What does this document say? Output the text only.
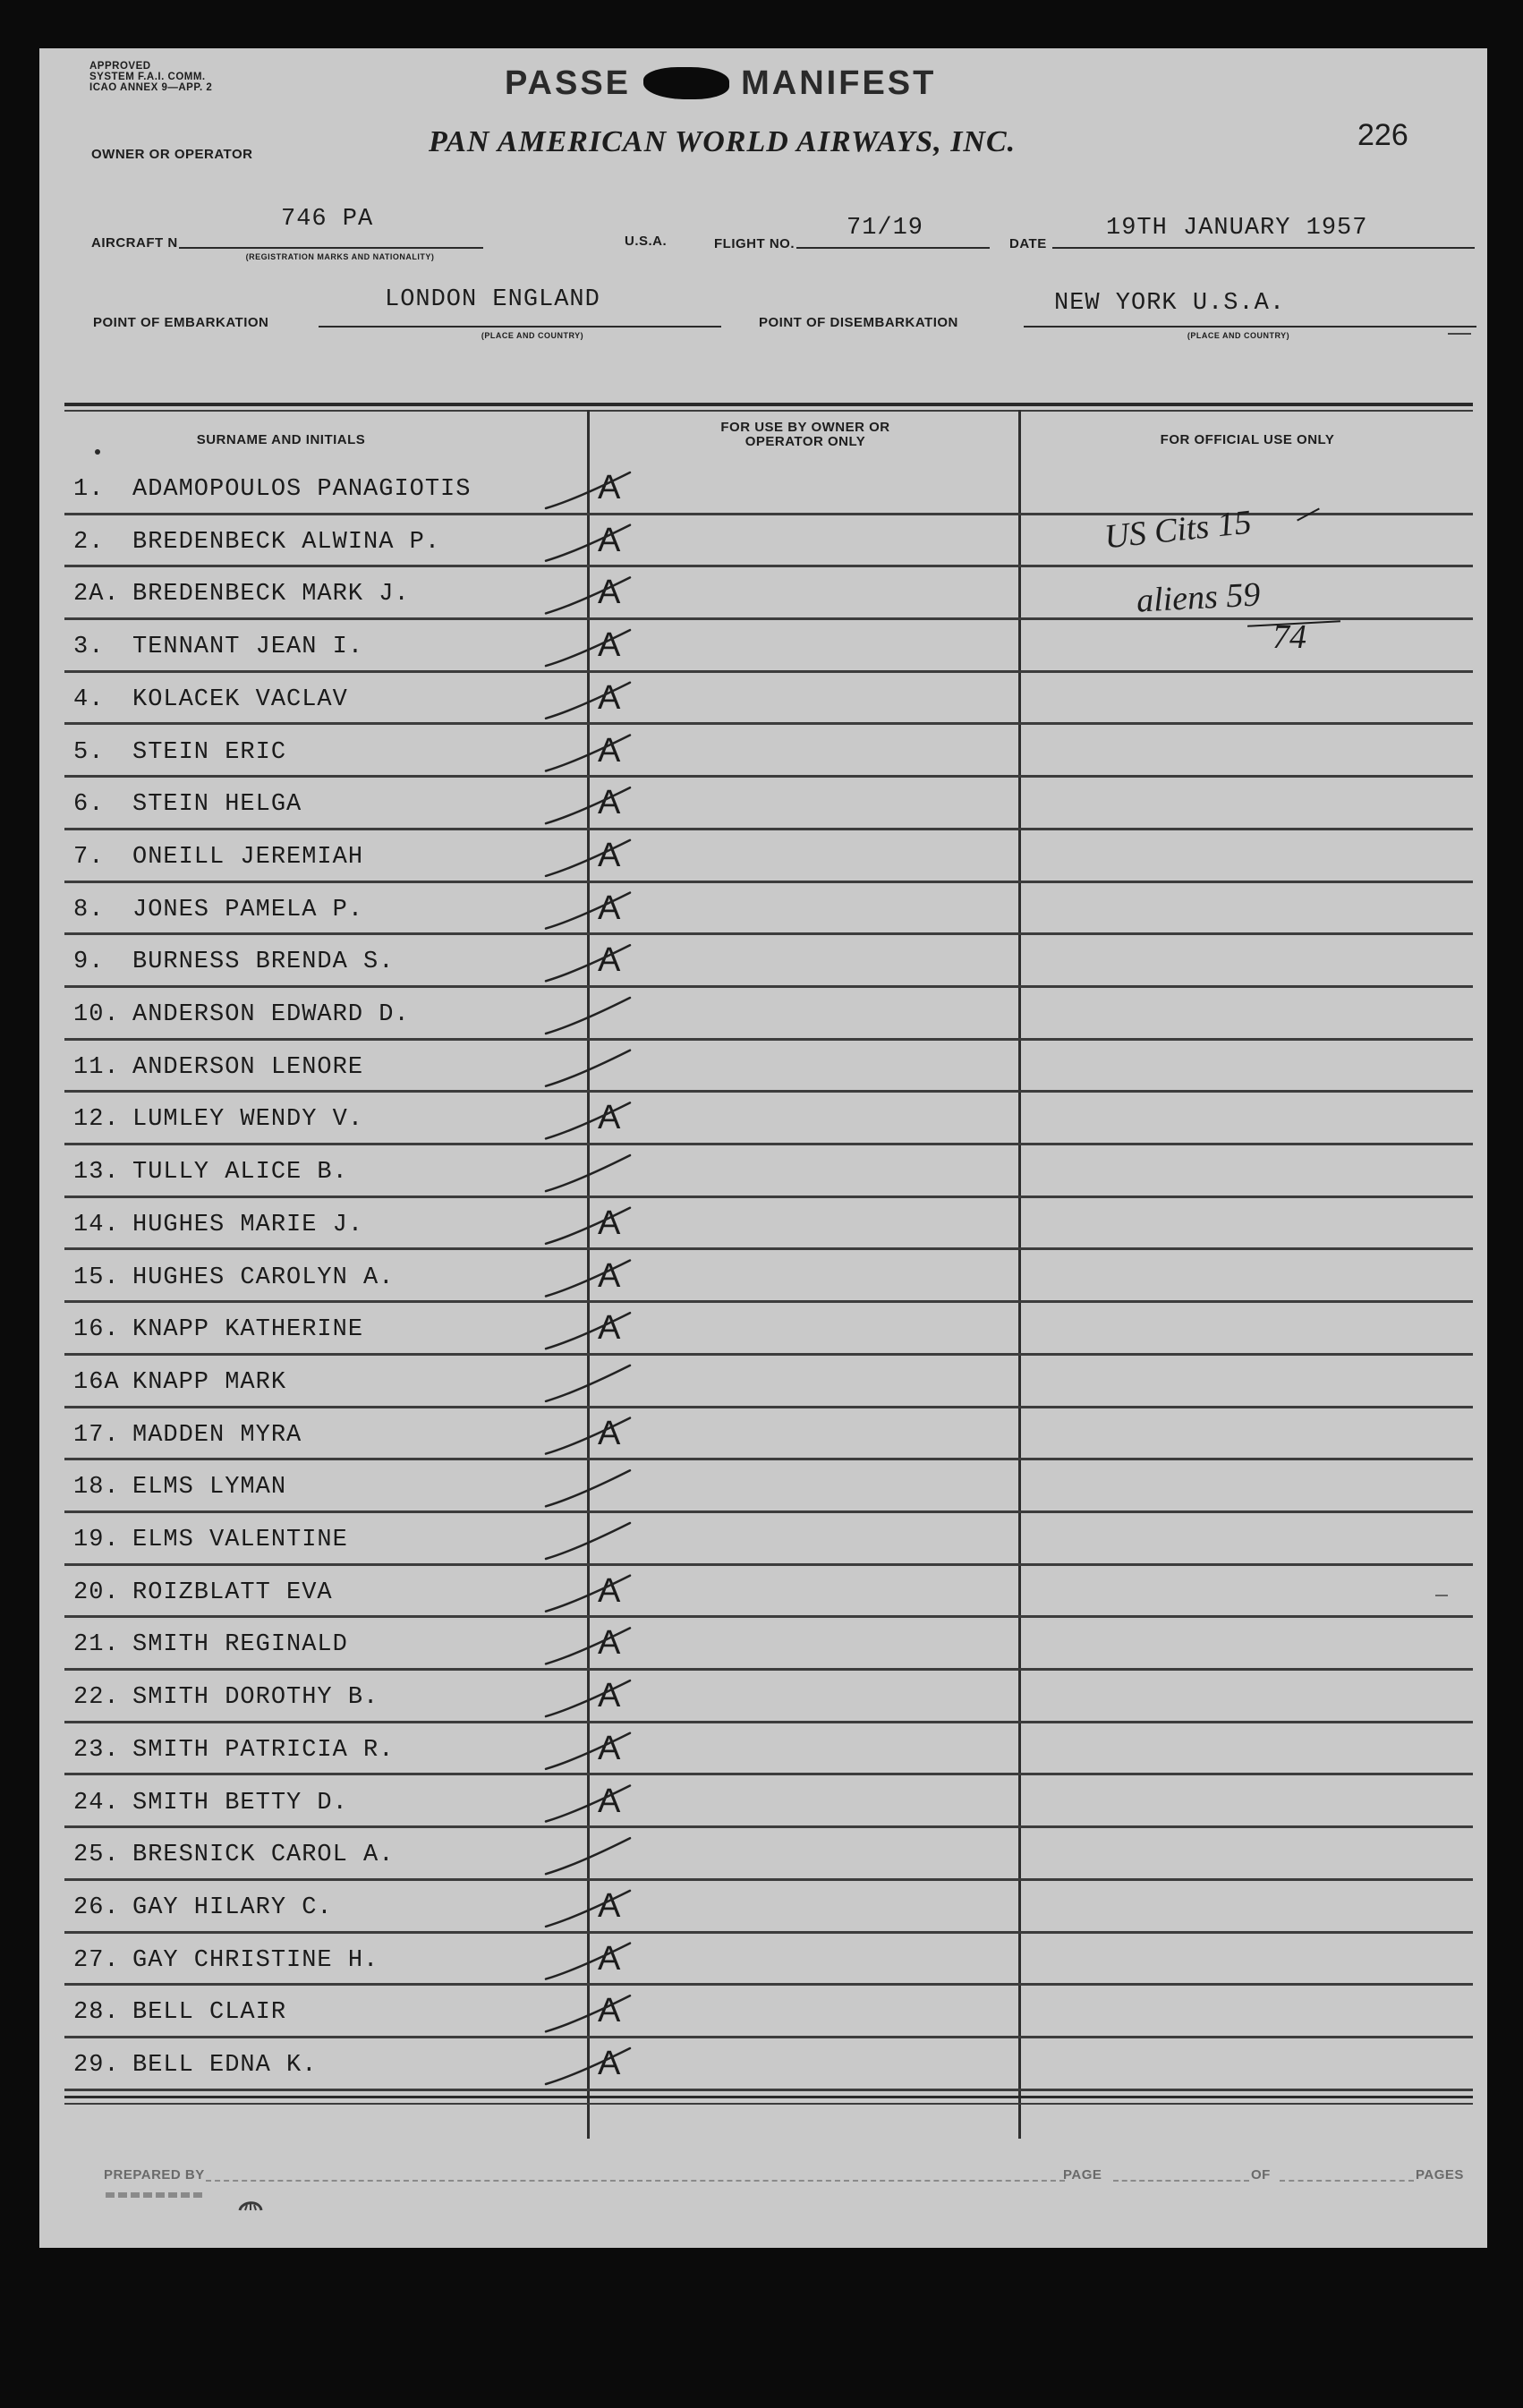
APPROVED
SYSTEM F.A.I. COMM.
ICAO ANNEX 9—APP. 2	PASSE	MANIFEST
226
OWNER OR OPERATOR	PAN AMERICAN WORLD AIRWAYS, INC.
AIRCRAFT N
746 PA
(REGISTRATION MARKS AND NATIONALITY)
U.S.A.	FLIGHT NO.
71/19
DATE
19TH JANUARY 1957
POINT OF EMBARKATION
LONDON ENGLAND
(PLACE AND COUNTRY)
POINT OF DISEMBARKATION
NEW YORK U.S.A.
(PLACE AND COUNTRY)
SURNAME AND INITIALS
FOR USE BY OWNER OR OPERATOR ONLY	FOR OFFICIAL USE ONLY
1.	ADAMOPOULOS PANAGIOTIS	A
2.	BREDENBECK ALWINA P.	A
2A. BREDENBECK MARK J.	A
3.	TENNANT JEAN I.	A
4.	KOLACEK VACLAV	A
5.	STEIN ERIC	A
6.	STEIN HELGA	A
7.	ONEILL JEREMIAH	A
8.	JONES PAMELA P.	A
9.	BURNESS BRENDA S.	A
10. ANDERSON EDWARD D.
11. ANDERSON LENORE
12. LUMLEY WENDY V.	A
13. TULLY ALICE B.
14. HUGHES MARIE J.	A
15. HUGHES CAROLYN A.	A
16. KNAPP KATHERINE	A
16A KNAPP MARK
17. MADDEN MYRA	A
18. ELMS LYMAN
19. ELMS VALENTINE
20. ROIZBLATT EVA	A
21. SMITH REGINALD	A
22. SMITH DOROTHY B.	A
23. SMITH PATRICIA R.	A
24. SMITH BETTY D.	A
25. BRESNICK CAROL A.
26. GAY HILARY C.	A
27. GAY CHRISTINE H.	A
28. BELL CLAIR	A
29. BELL EDNA K.	A
US Cits 15
aliens 59
74
PREPARED BY	PAGE	OF	PAGES
